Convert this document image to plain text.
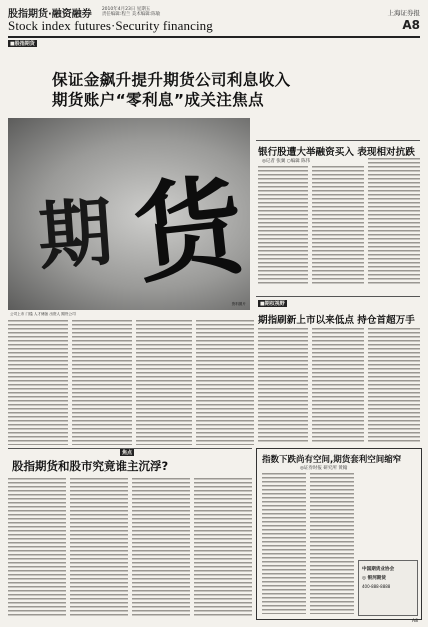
股指期货·融资融券 2010年4月23日 星期五
责任编辑:程兰 美术编辑:陈敏	上海证券报
Stock index futures·Security financing	A8
■股指期货
保证金飙升提升期货公司利息收入
期货账户“零利息”成关注焦点
期 货
资料图片
公司上市 门槛 人才储备 出资人 期货公司
银行股遭大举融资买入 表现相对抗跌
◎记者 张翼 ○编辑 陈伟
■期权视野
期指刷新上市以来低点 持仓首超万手
焦点
股指期货和股市究竟谁主沉浮?	指数下跌尚有空间,期货套利空间缩窄
◎证券时报 研究所 黄翰
中国期货业协会
◎ 银河期货
400-888-8888
A8
